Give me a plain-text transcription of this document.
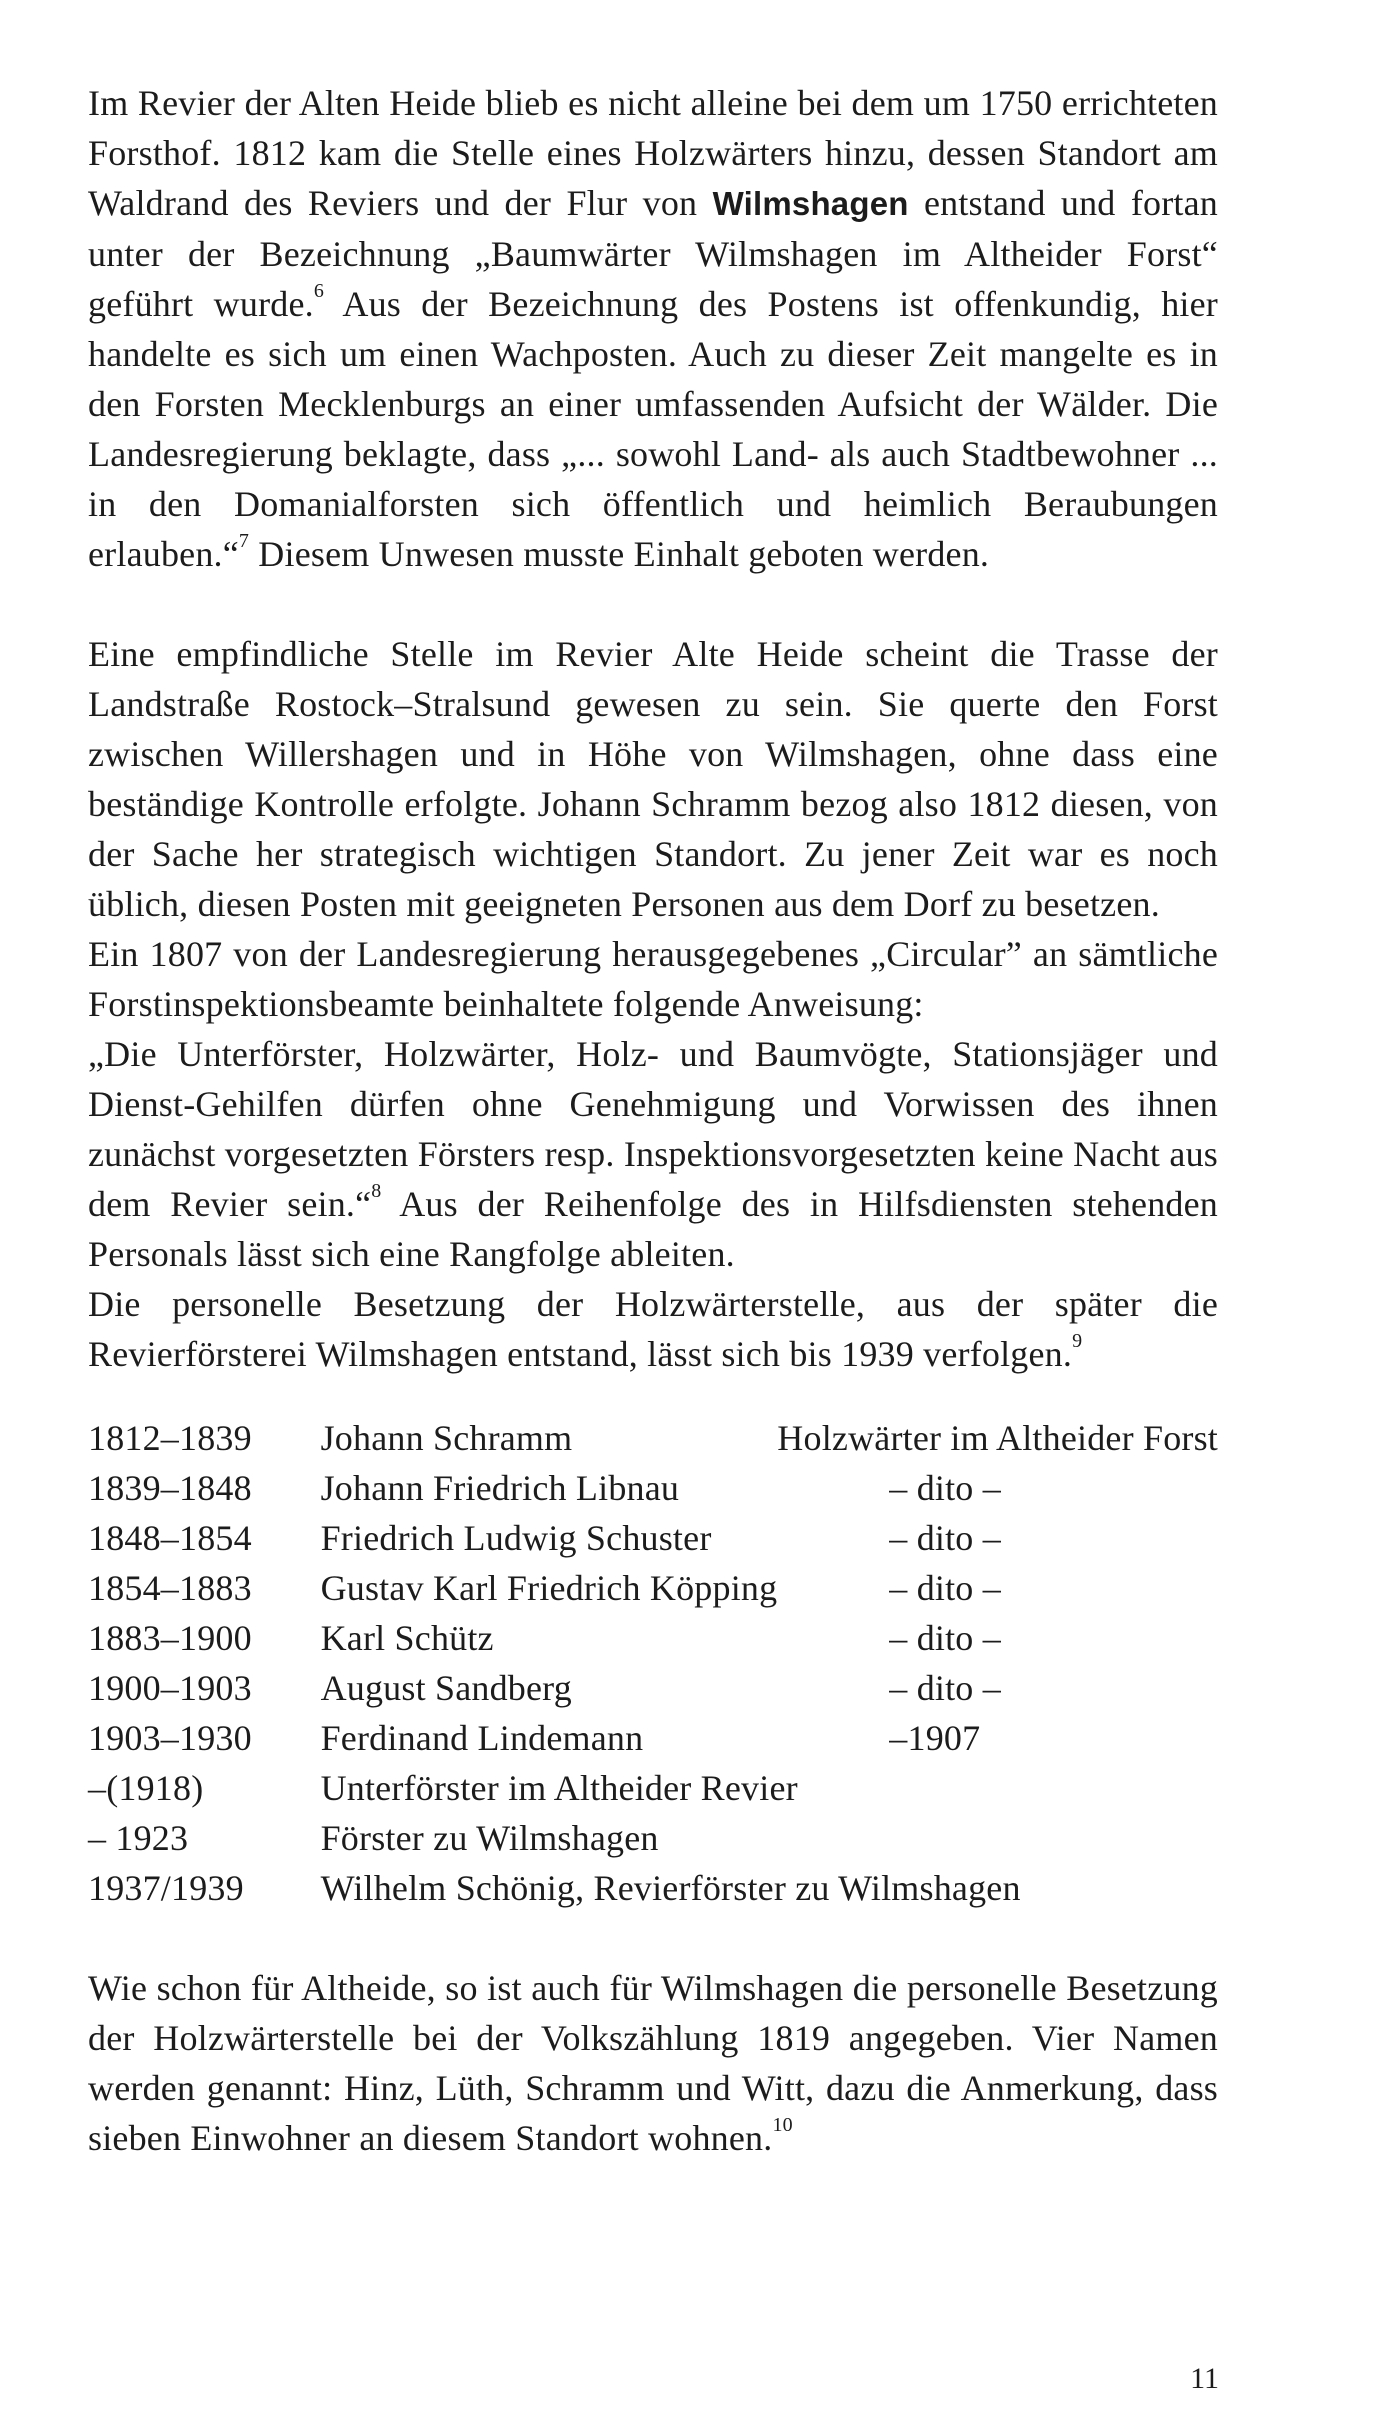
Im Revier der Alten Heide blieb es nicht alleine bei dem um 1750 errichteten Forsthof. 1812 kam die Stelle eines Holzwärters hinzu, dessen Standort am Waldrand des Reviers und der Flur von Wilmshagen entstand und fortan unter der Bezeichnung „Baumwärter Wilmshagen im Altheider Forst“ geführt wurde.$^6$ Aus der Bezeichnung des Postens ist offenkundig, hier handelte es sich um einen Wachposten. Auch zu dieser Zeit mangelte es in den Forsten Mecklenburgs an einer umfassenden Aufsicht der Wälder. Die Landesregierung beklagte, dass „... sowohl Land- als auch Stadtbewohner ... in den Domanialforsten sich öffentlich und heimlich Beraubungen erlauben.“$^7$ Diesem Unwesen musste Einhalt geboten werden.

Eine empfindliche Stelle im Revier Alte Heide scheint die Trasse der Landstraße Rostock–Stralsund gewesen zu sein. Sie querte den Forst zwischen Willershagen und in Höhe von Wilmshagen, ohne dass eine beständige Kontrolle erfolgte. Johann Schramm bezog also 1812 diesen, von der Sache her strategisch wichtigen Standort. Zu jener Zeit war es noch üblich, diesen Posten mit geeigneten Personen aus dem Dorf zu besetzen.

Ein 1807 von der Landesregierung herausgegebenes „Circular” an sämtliche Forstinspektionsbeamte beinhaltete folgende Anweisung:

„Die Unterförster, Holzwärter, Holz- und Baumvögte, Stationsjäger und Dienst-Gehilfen dürfen ohne Genehmigung und Vorwissen des ihnen zunächst vorgesetzten Försters resp. Inspektionsvorgesetzten keine Nacht aus dem Revier sein.“$^8$ Aus der Reihenfolge des in Hilfsdiensten stehenden Personals lässt sich eine Rangfolge ableiten.

Die personelle Besetzung der Holzwärterstelle, aus der später die Revierförsterei Wilmshagen entstand, lässt sich bis 1939 verfolgen.$^9$

1812–1839	Johann Schramm	Holzwärter im Altheider Forst
1839–1848	Johann Friedrich Libnau	– dito –
1848–1854	Friedrich Ludwig Schuster	– dito –
1854–1883	Gustav Karl Friedrich Köpping	– dito –
1883–1900	Karl Schütz	– dito –
1900–1903	August Sandberg	– dito –
1903–1930	Ferdinand Lindemann	–1907
–(1918)	Unterförster im Altheider Revier	
– 1923	Förster zu Wilmshagen	
1937/1939	Wilhelm Schönig, Revierförster zu Wilmshagen	

Wie schon für Altheide, so ist auch für Wilmshagen die personelle Besetzung der Holzwärterstelle bei der Volkszählung 1819 angegeben. Vier Namen werden genannt: Hinz, Lüth, Schramm und Witt, dazu die Anmerkung, dass sieben Einwohner an diesem Standort wohnen.$^{10}$

11
